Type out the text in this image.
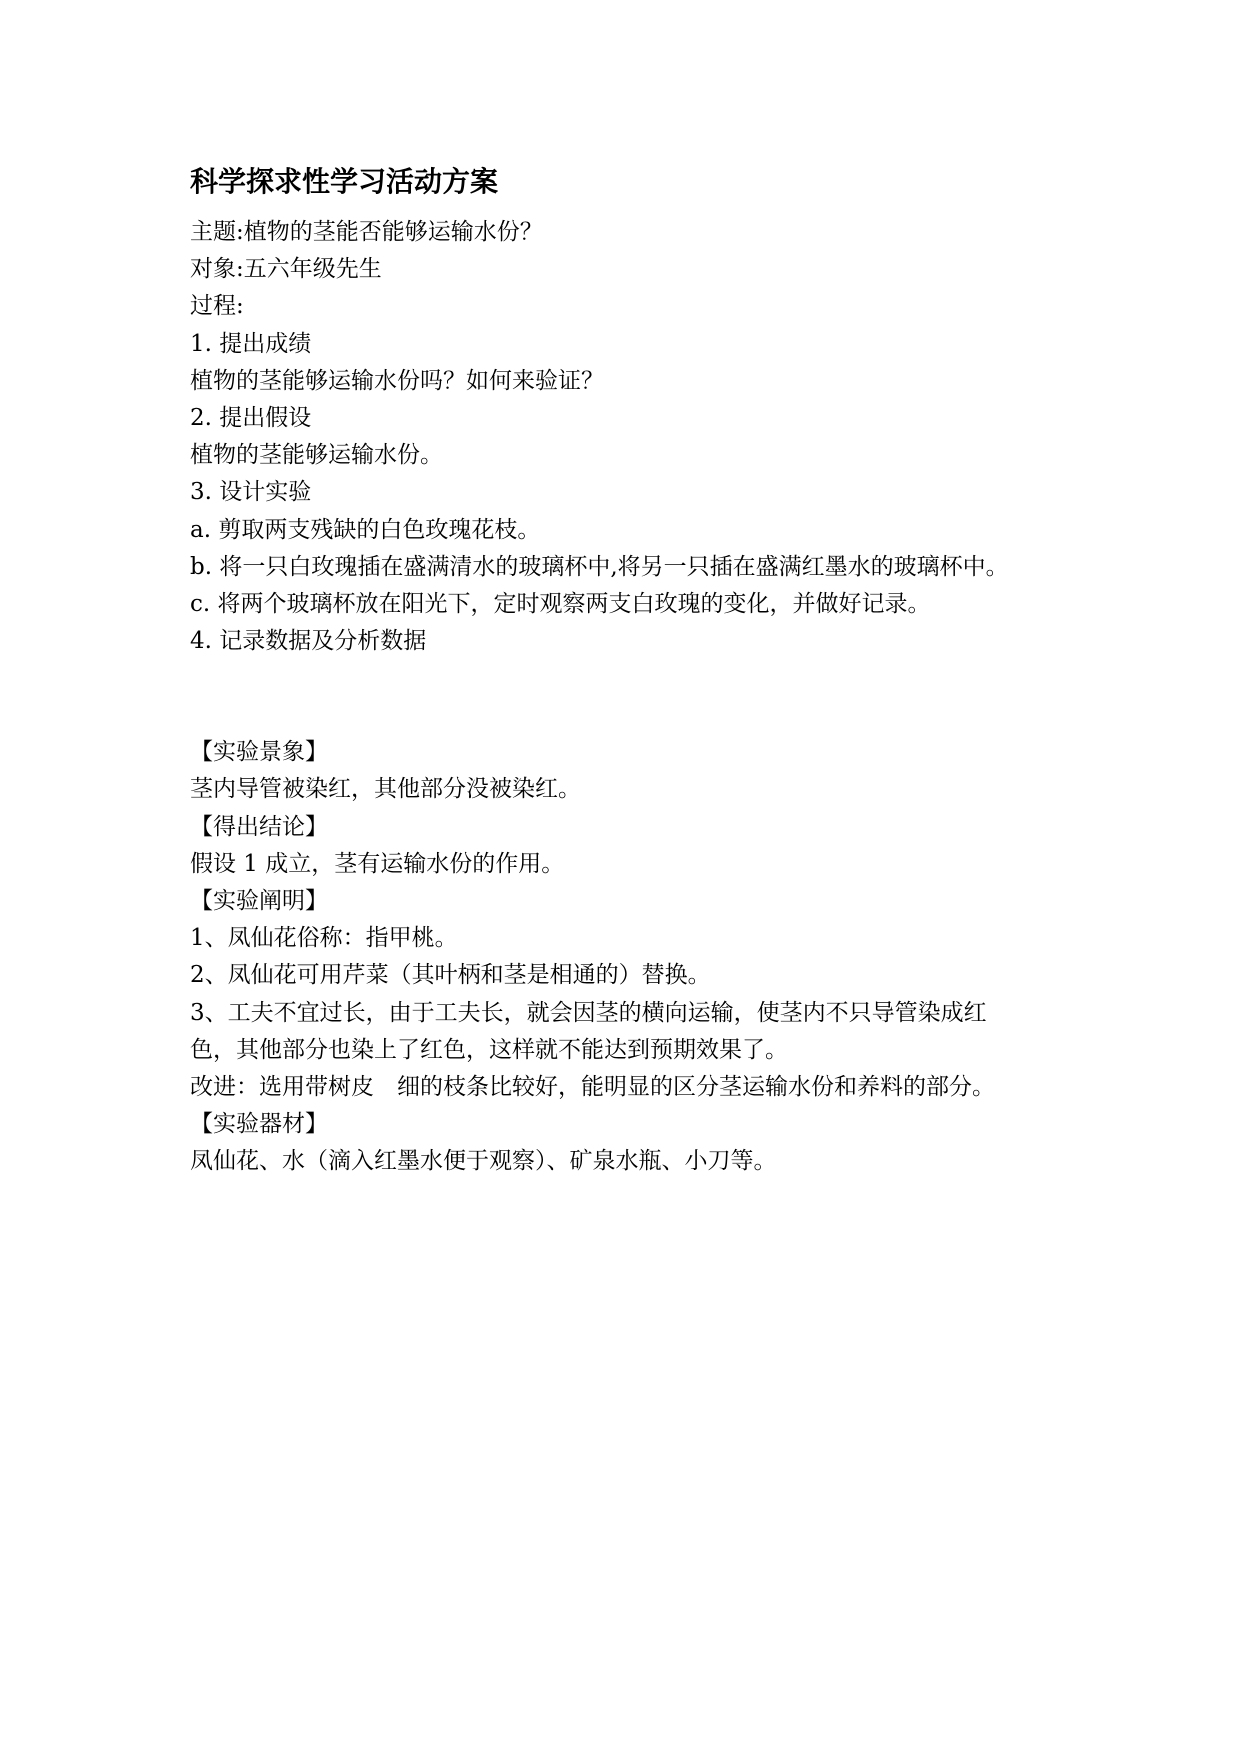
科学探求性学习活动方案
主题:植物的茎能否能够运输水份？
对象:五六年级先生
过程:
1. 提出成绩
植物的茎能够运输水份吗？如何来验证？
2. 提出假设
植物的茎能够运输水份。
3. 设计实验
a. 剪取两支残缺的白色玫瑰花枝。
b. 将一只白玫瑰插在盛满清水的玻璃杯中,将另一只插在盛满红墨水的玻璃杯中。
c. 将两个玻璃杯放在阳光下，定时观察两支白玫瑰的变化，并做好记录。
4. 记录数据及分析数据
【实验景象】
茎内导管被染红，其他部分没被染红。
【得出结论】
假设 1 成立，茎有运输水份的作用。
【实验阐明】
1、凤仙花俗称：指甲桃。
2、凤仙花可用芹菜（其叶柄和茎是相通的）替换。
3、工夫不宜过长，由于工夫长，就会因茎的横向运输，使茎内不只导管染成红
色，其他部分也染上了红色，这样就不能达到预期效果了。
改进：选用带树皮　细的枝条比较好，能明显的区分茎运输水份和养料的部分。
【实验器材】
凤仙花、水（滴入红墨水便于观察）、矿泉水瓶、小刀等。
